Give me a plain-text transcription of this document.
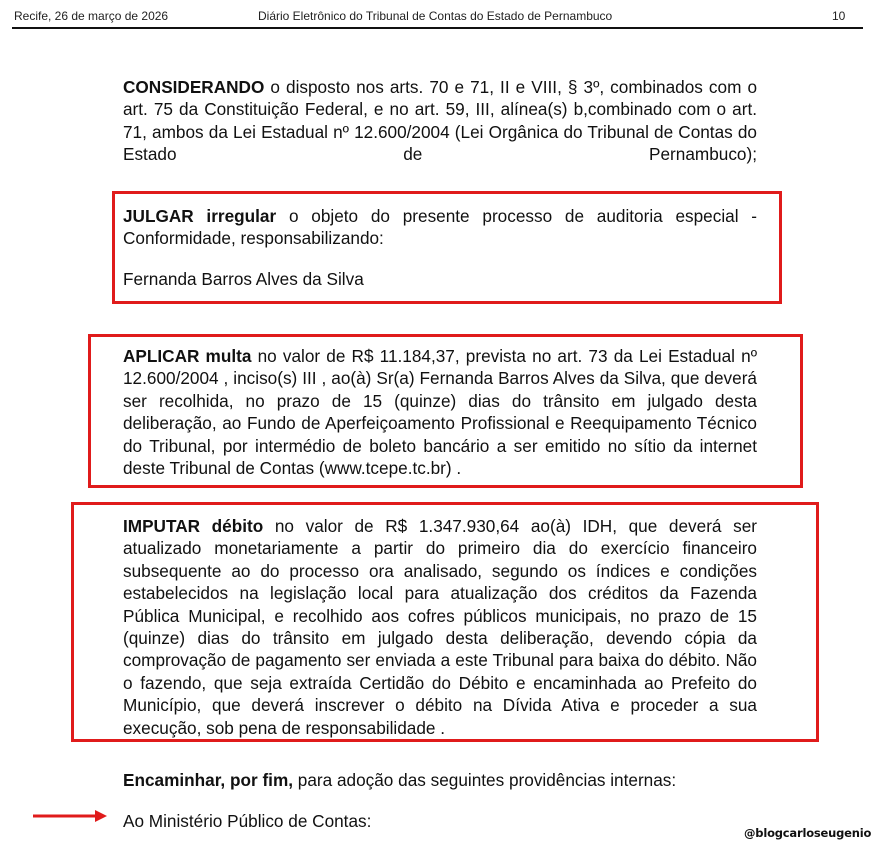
Recife, 26 de março de 2026	Diário Eletrônico do Tribunal de Contas do Estado de Pernambuco	10
CONSIDERANDO o disposto nos arts. 70 e 71, II e VIII, § 3º, combinados com o art. 75 da Constituição Federal, e no art. 59, III, alínea(s) b,combinado com o art. 71, ambos da Lei Estadual nº 12.600/2004 (Lei Orgânica do Tribunal de Contas do Estado de Pernambuco);
JULGAR irregular o objeto do presente processo de auditoria especial - Conformidade, responsabilizando:
Fernanda Barros Alves da Silva
APLICAR multa no valor de R$ 11.184,37, prevista no art. 73 da Lei Estadual nº 12.600/2004 , inciso(s) III , ao(à) Sr(a) Fernanda Barros Alves da Silva, que deverá ser recolhida, no prazo de 15 (quinze) dias do trânsito em julgado desta deliberação, ao Fundo de Aperfeiçoamento Profissional e Reequipamento Técnico do Tribunal, por intermédio de boleto bancário a ser emitido no sítio da internet deste Tribunal de Contas (www.tcepe.tc.br) .
IMPUTAR débito no valor de R$ 1.347.930,64 ao(à) IDH, que deverá ser atualizado monetariamente a partir do primeiro dia do exercício financeiro subsequente ao do processo ora analisado, segundo os índices e condições estabelecidos na legislação local para atualização dos créditos da Fazenda Pública Municipal, e recolhido aos cofres públicos municipais, no prazo de 15 (quinze) dias do trânsito em julgado desta deliberação, devendo cópia da comprovação de pagamento ser enviada a este Tribunal para baixa do débito. Não o fazendo, que seja extraída Certidão do Débito e encaminhada ao Prefeito do Município, que deverá inscrever o débito na Dívida Ativa e proceder a sua execução, sob pena de responsabilidade .
Encaminhar, por fim, para adoção das seguintes providências internas:
Ao Ministério Público de Contas:
@blogcarloseugenio
